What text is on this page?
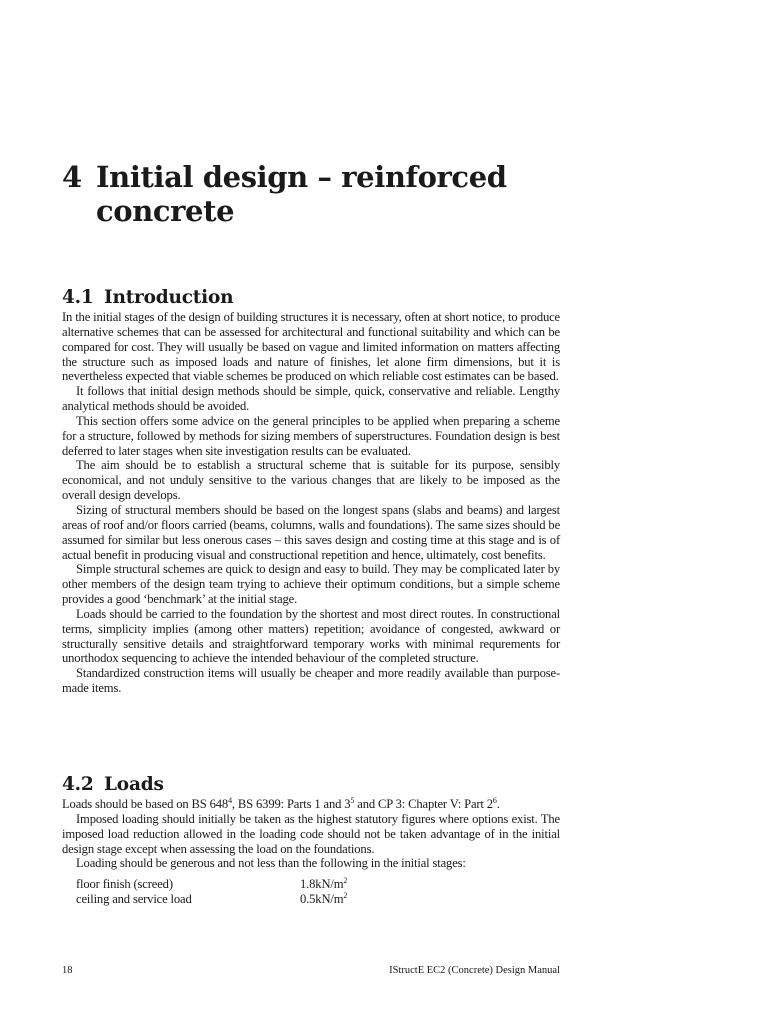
4 Initial design – reinforced
concrete
4.1 Introduction

In the initial stages of the design of building structures it is necessary, often at short notice, to produce alternative schemes that can be assessed for architectural and functional suitability and which can be compared for cost. They will usually be based on vague and limited information on matters affecting the structure such as imposed loads and nature of finishes, let alone firm dimensions, but it is nevertheless expected that viable schemes be produced on which reliable cost estimates can be based.

It follows that initial design methods should be simple, quick, conservative and reliable. Lengthy analytical methods should be avoided.

This section offers some advice on the general principles to be applied when preparing a scheme for a structure, followed by methods for sizing members of superstructures. Foundation design is best deferred to later stages when site investigation results can be evaluated.

The aim should be to establish a structural scheme that is suitable for its purpose, sensibly economical, and not unduly sensitive to the various changes that are likely to be imposed as the overall design develops.

Sizing of structural members should be based on the longest spans (slabs and beams) and largest areas of roof and/or floors carried (beams, columns, walls and foundations). The same sizes should be assumed for similar but less onerous cases – this saves design and costing time at this stage and is of actual benefit in producing visual and constructional repetition and hence, ultimately, cost benefits.

Simple structural schemes are quick to design and easy to build. They may be complicated later by other members of the design team trying to achieve their optimum conditions, but a simple scheme provides a good ‘benchmark’ at the initial stage.

Loads should be carried to the foundation by the shortest and most direct routes. In constructional terms, simplicity implies (among other matters) repetition; avoidance of congested, awkward or structurally sensitive details and straightforward temporary works with minimal requrements for unorthodox sequencing to achieve the intended behaviour of the completed structure.

Standardized construction items will usually be cheaper and more readily available than purpose-made items.

4.2 Loads

Loads should be based on BS $648^4$, BS 6399: Parts 1 and $3^5$ and CP 3: Chapter V: Part $2^6$.

Imposed loading should initially be taken as the highest statutory figures where options exist. The imposed load reduction allowed in the loading code should not be taken advantage of in the initial design stage except when assessing the load on the foundations.

Loading should be generous and not less than the following in the initial stages:

floor finish (screed)	$1.8kN/m^2$
ceiling and service load	$0.5kN/m^2$
18	IStructE EC2 (Concrete) Design Manual
